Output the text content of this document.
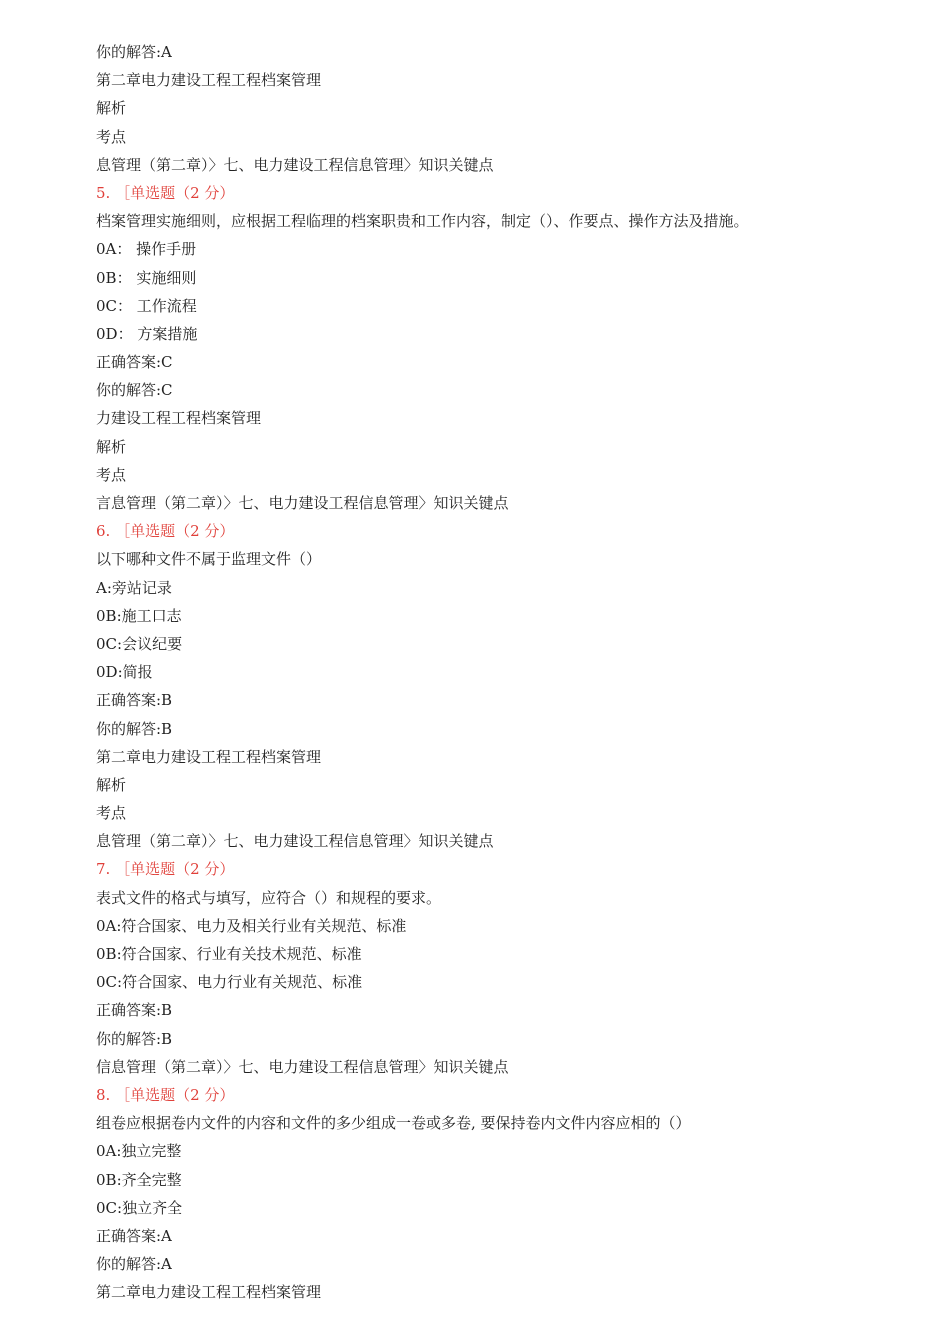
你的解答:A
第二章电力建设工程工程档案管理
解析
考点
息管理（第二章）〉七、电力建设工程信息管理〉知识关键点
5. ［单选题（2 分）
档案管理实施细则，应根据工程临理的档案职贵和工作内容，制定（）、作要点、操作方法及措施。
0A： 操作手册
0B： 实施细则
0C： 工作流程
0D： 方案措施
正确答案:C
你的解答:C
力建设工程工程档案管理
解析
考点
言息管理（第二章）〉七、电力建设工程信息管理〉知识关键点
6. ［单选题（2 分）
以下哪种文件不属于监理文件（）
A:旁站记录
0B:施工口志
0C:会议纪要
0D:简报
正确答案:B
你的解答:B
第二章电力建设工程工程档案管理
解析
考点
息管理（第二章）〉七、电力建设工程信息管理〉知识关键点
7. ［单选题（2 分）
表式文件的格式与填写，应符合（）和规程的要求。
0A:符合国家、电力及相关行业有关规范、标准
0B:符合国家、行业有关技术规范、标准
0C:符合国家、电力行业有关规范、标准
正确答案:B
你的解答:B
信息管理（第二章）〉七、电力建设工程信息管理〉知识关键点
8. ［单选题（2 分）
组卷应根据卷内文件的内容和文件的多少组成一卷或多卷, 要保持卷内文件内容应相的（）
0A:独立完整
0B:齐全完整
0C:独立齐全
正确答案:A
你的解答:A
第二章电力建设工程工程档案管理
